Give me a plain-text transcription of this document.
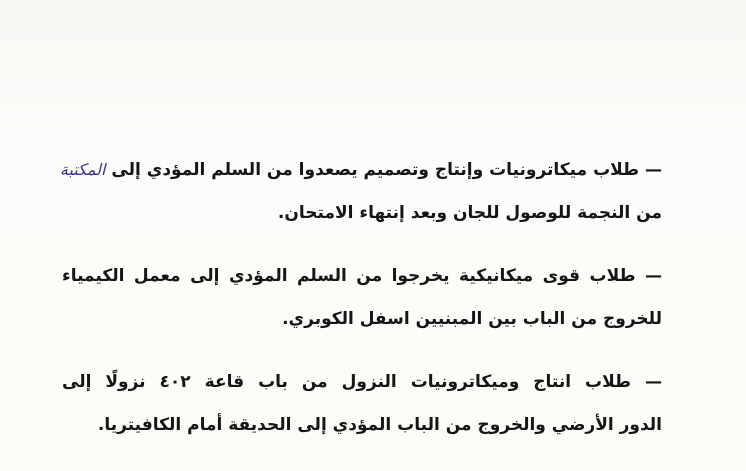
— طلاب ميكاترونيات وإنتاج وتصميم يصعدوا من السلم المؤدي إلى المكتبة
من النجمة للوصول للجان وبعد إنتهاء الامتحان.

— طلاب قوى ميكانيكية يخرجوا من السلم المؤدي إلى معمل الكيمياء
للخروج من الباب بين المبنيين اسفل الكوبري.

— طلاب انتاج وميكاترونيات النزول من باب قاعة ٤٠٢ نزولًا إلى
الدور الأرضي والخروج من الباب المؤدي إلى الحديقة أمام الكافيتريا.
